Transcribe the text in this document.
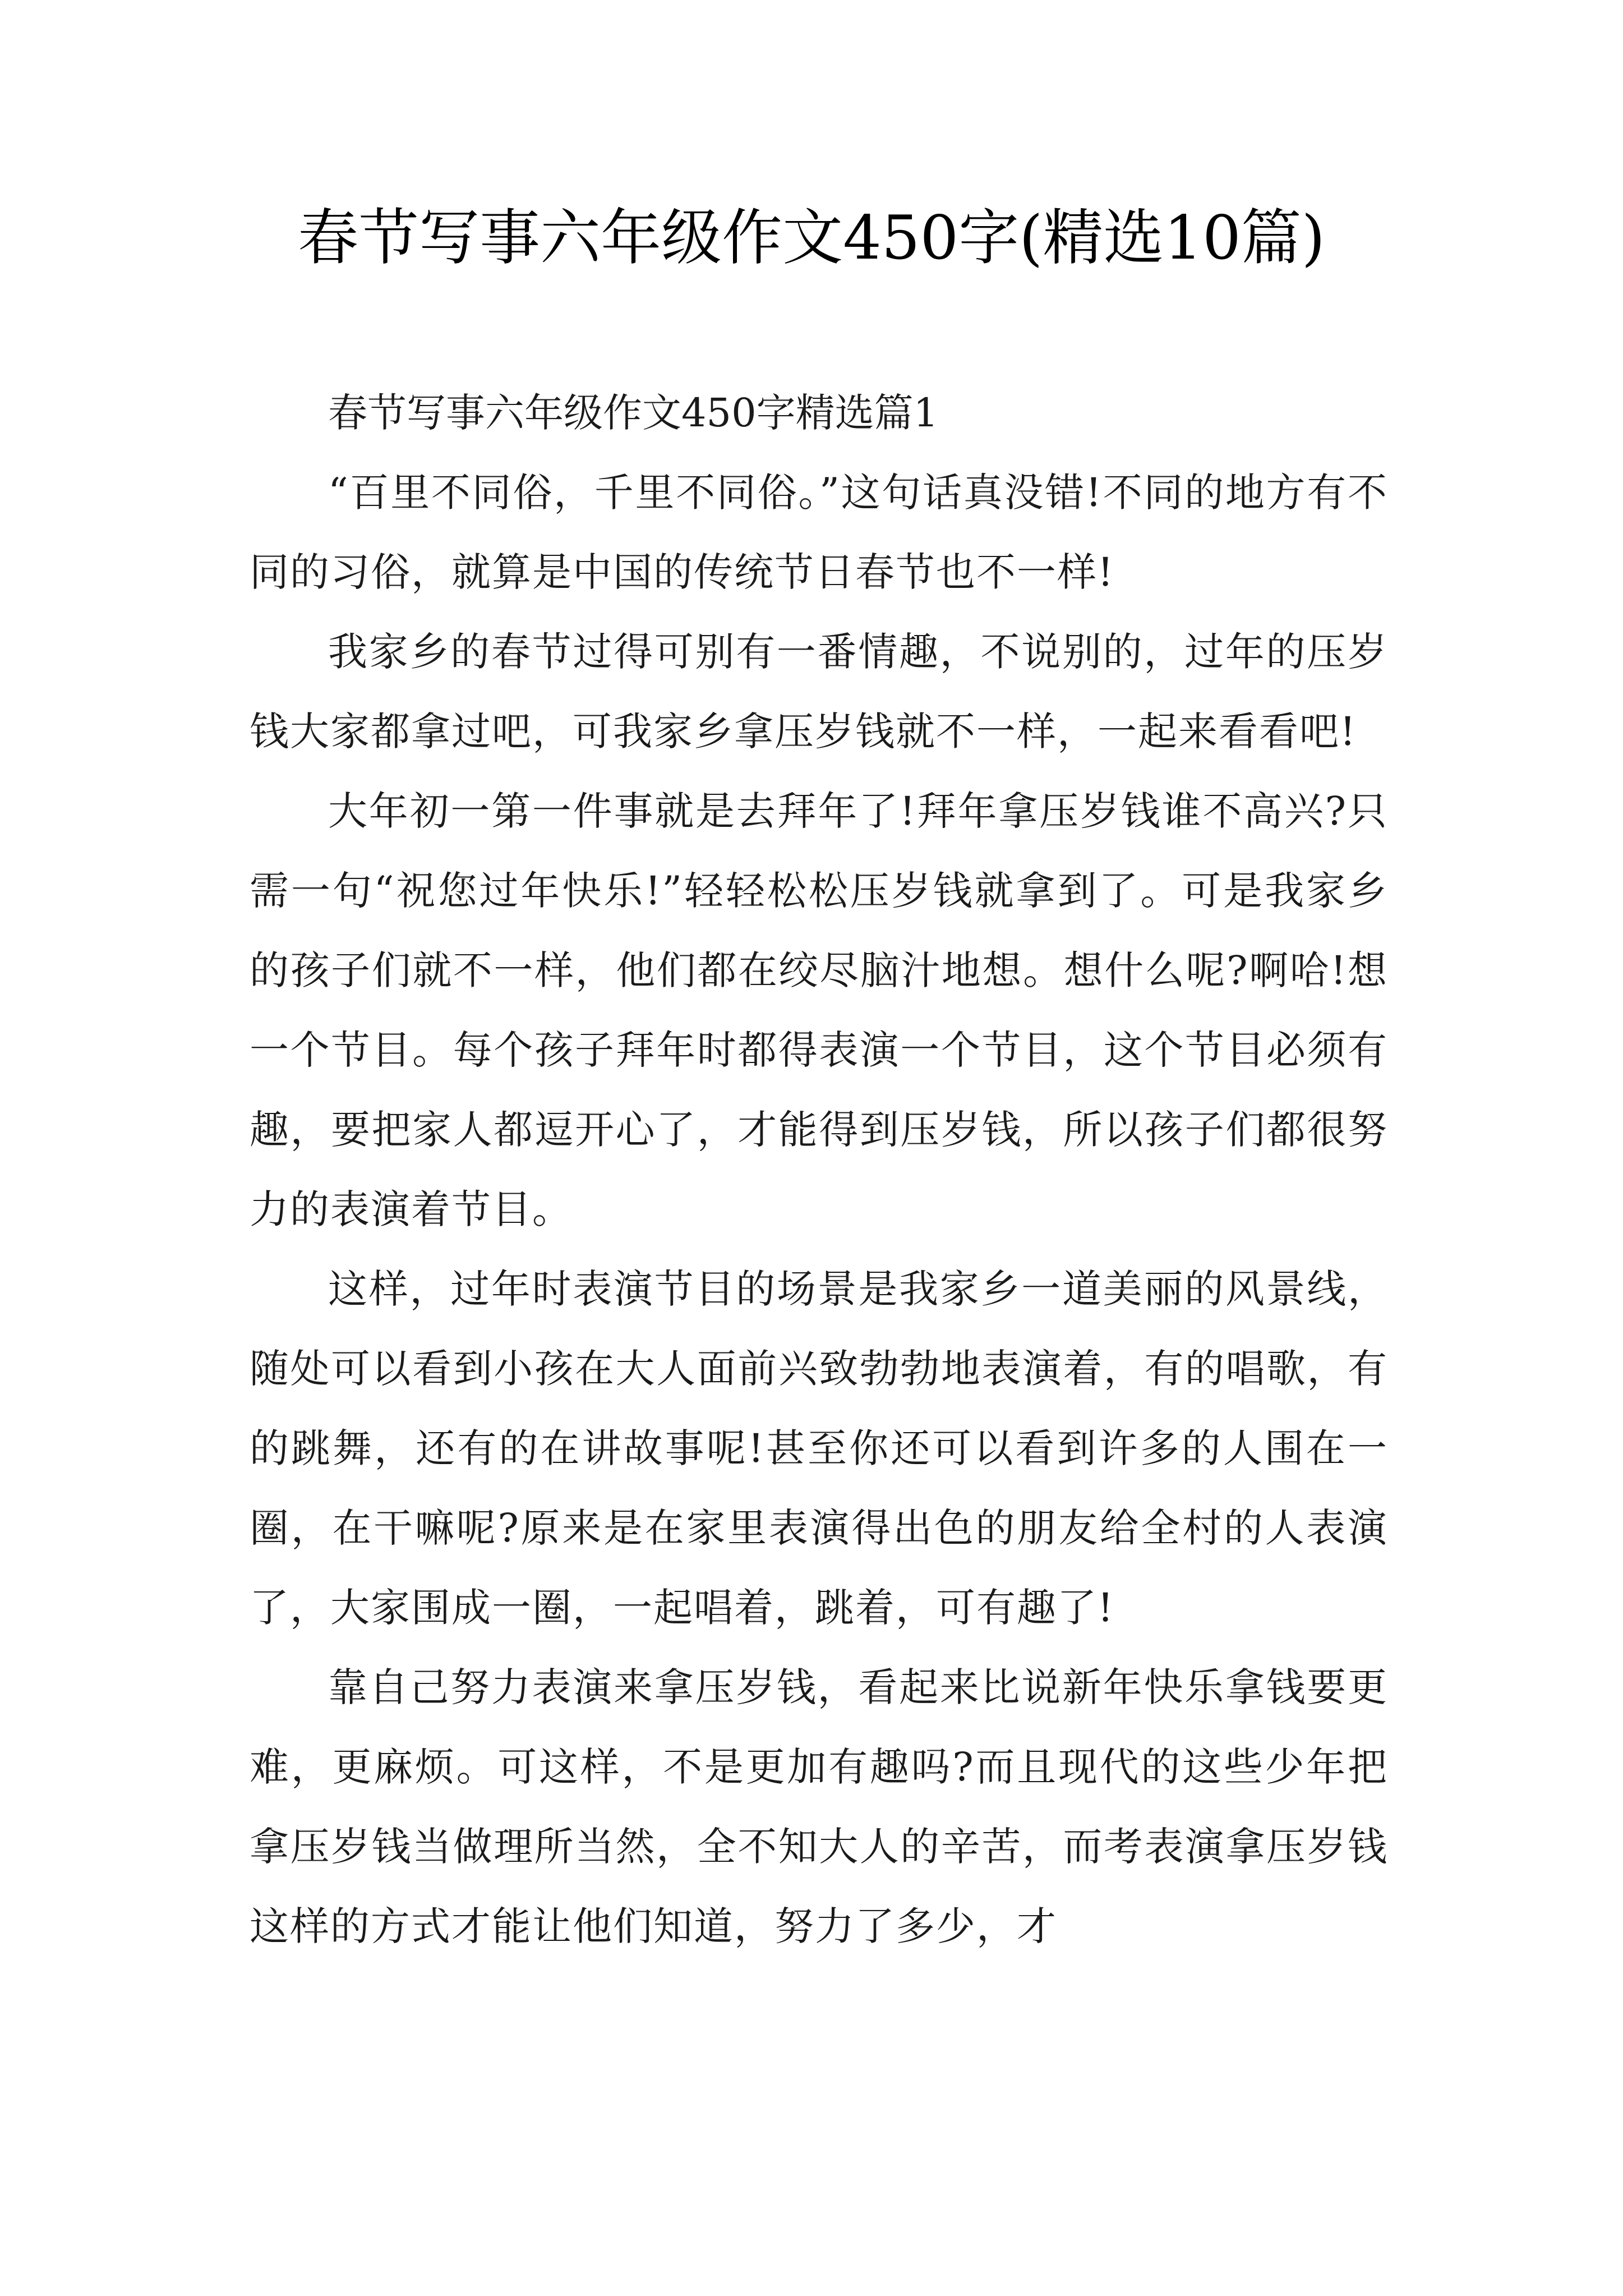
春节写事六年级作文450字(精选10篇)

春节写事六年级作文450字精选篇1

“百里不同俗，千里不同俗。”这句话真没错!不同的地方有不同的习俗，就算是中国的传统节日春节也不一样!

我家乡的春节过得可别有一番情趣，不说别的，过年的压岁钱大家都拿过吧，可我家乡拿压岁钱就不一样，一起来看看吧!

大年初一第一件事就是去拜年了!拜年拿压岁钱谁不高兴?只需一句“祝您过年快乐!”轻轻松松压岁钱就拿到了。可是我家乡的孩子们就不一样，他们都在绞尽脑汁地想。想什么呢?啊哈!想一个节目。每个孩子拜年时都得表演一个节目，这个节目必须有趣，要把家人都逗开心了，才能得到压岁钱，所以孩子们都很努力的表演着节目。

这样，过年时表演节目的场景是我家乡一道美丽的风景线，随处可以看到小孩在大人面前兴致勃勃地表演着，有的唱歌，有的跳舞，还有的在讲故事呢!甚至你还可以看到许多的人围在一圈，在干嘛呢?原来是在家里表演得出色的朋友给全村的人表演了，大家围成一圈，一起唱着，跳着，可有趣了!

靠自己努力表演来拿压岁钱，看起来比说新年快乐拿钱要更难，更麻烦。可这样，不是更加有趣吗?而且现代的这些少年把拿压岁钱当做理所当然，全不知大人的辛苦，而考表演拿压岁钱这样的方式才能让他们知道，努力了多少，才
